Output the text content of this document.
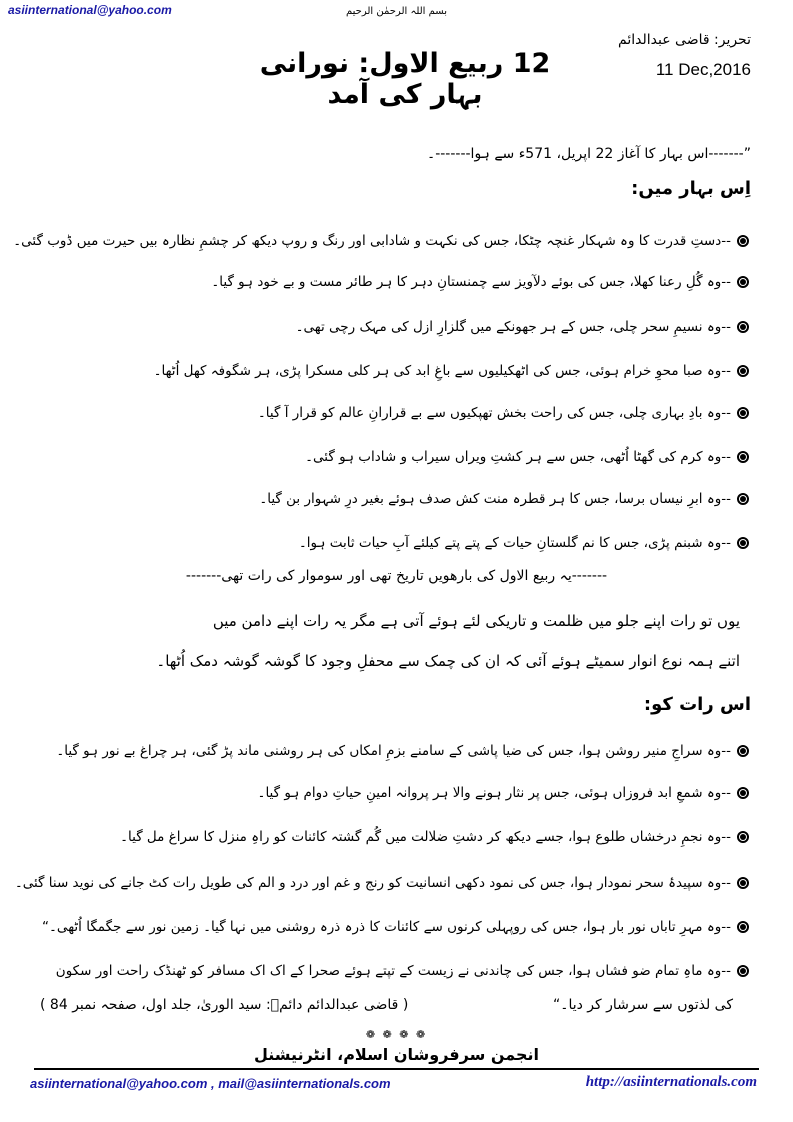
asiinternational@yahoo.com	بسم اللہ الرحمٰن الرحیم
تحریر: قاضی عبدالدائم
11 Dec,2016
12 ربیع الاول: نورانی بہار کی آمد
”-------اس بہار کا آغاز 22 اپریل، 571ء سے ہوا-------۔
اِس بہار میں:
--دستِ قدرت کا وہ شہکار غنچہ چٹکا، جس کی نکہت و شادابی اور رنگ و روپ دیکھ کر چشمِ نظارہ بیں حیرت میں ڈوب گئی۔
--وہ گُلِ رعنا کھلا، جس کی بوئے دلآویز سے چمنستانِ دہر کا ہر طائر مست و بے خود ہو گیا۔
--وہ نسیمِ سحر چلی، جس کے ہر جھونکے میں گلزارِ ازل کی مہک رچی تھی۔
--وہ صبا محوِ خرام ہوئی، جس کی اٹھکیلیوں سے باغِ ابد کی ہر کلی مسکرا پڑی، ہر شگوفہ کھل اُٹھا۔
--وہ بادِ بہاری چلی، جس کی راحت بخش تھپکیوں سے بے قرارانِ عالم کو قرار آ گیا۔
--وہ کرم کی گھٹا اُٹھی، جس سے ہر کشتِ ویراں سیراب و شاداب ہو گئی۔
--وہ ابرِ نیساں برسا، جس کا ہر قطرہ منت کش صدف ہوئے بغیر درِ شہوار بن گیا۔
--وہ شبنم پڑی، جس کا نم گلستانِ حیات کے پتے پتے کیلئے آبِ حیات ثابت ہوا۔
-------یہ ربیع الاول کی بارھویں تاریخ تھی اور سوموار کی رات تھی-------
یوں تو رات اپنے جلو میں ظلمت و تاریکی لئے ہوئے آتی ہے مگر یہ رات اپنے دامن میں
اتنے ہمہ نوع انوار سمیٹے ہوئے آئی کہ ان کی چمک سے محفلِ وجود کا گوشہ گوشہ دمک اُٹھا۔
اس رات کو:
--وہ سراجِ منیر روشن ہوا، جس کی ضیا پاشی کے سامنے بزمِ امکاں کی ہر روشنی ماند پڑ گئی، ہر چراغ بے نور ہو گیا۔
--وہ شمعِ ابد فروزاں ہوئی، جس پر نثار ہونے والا ہر پروانہ امینِ حیاتِ دوام ہو گیا۔
--وہ نجمِ درخشاں طلوع ہوا، جسے دیکھ کر دشتِ ضلالت میں گُم گشتہ کائنات کو راہِ منزل کا سراغ مل گیا۔
--وہ سپیدۂ سحر نمودار ہوا، جس کی نمود دکھی انسانیت کو رنج و غم اور درد و الم کی طویل رات کٹ جانے کی نوید سنا گئی۔
--وہ مہرِ تاباں نور بار ہوا، جس کی روپہلی کرنوں سے کائنات کا ذرہ ذرہ روشنی میں نہا گیا۔ زمین نور سے جگمگا اُٹھی۔“
--وہ ماہِ تمام ضو فشاں ہوا، جس کی چاندنی نے زیست کے تپتے ہوئے صحرا کے اک اک مسافر کو ٹھنڈک راحت اور سکون
کی لذتوں سے سرشار کر دیا۔“
( قاضی عبدالدائم دائمؔ: سید الوریٰ، جلد اول، صفحہ نمبر 84 )
❁ ❁ ❁ ❁
انجمن سرفروشان اسلام، انٹرنیشنل
asiinternational@yahoo.com , mail@asiinternationals.com	http://asiinternationals.com
